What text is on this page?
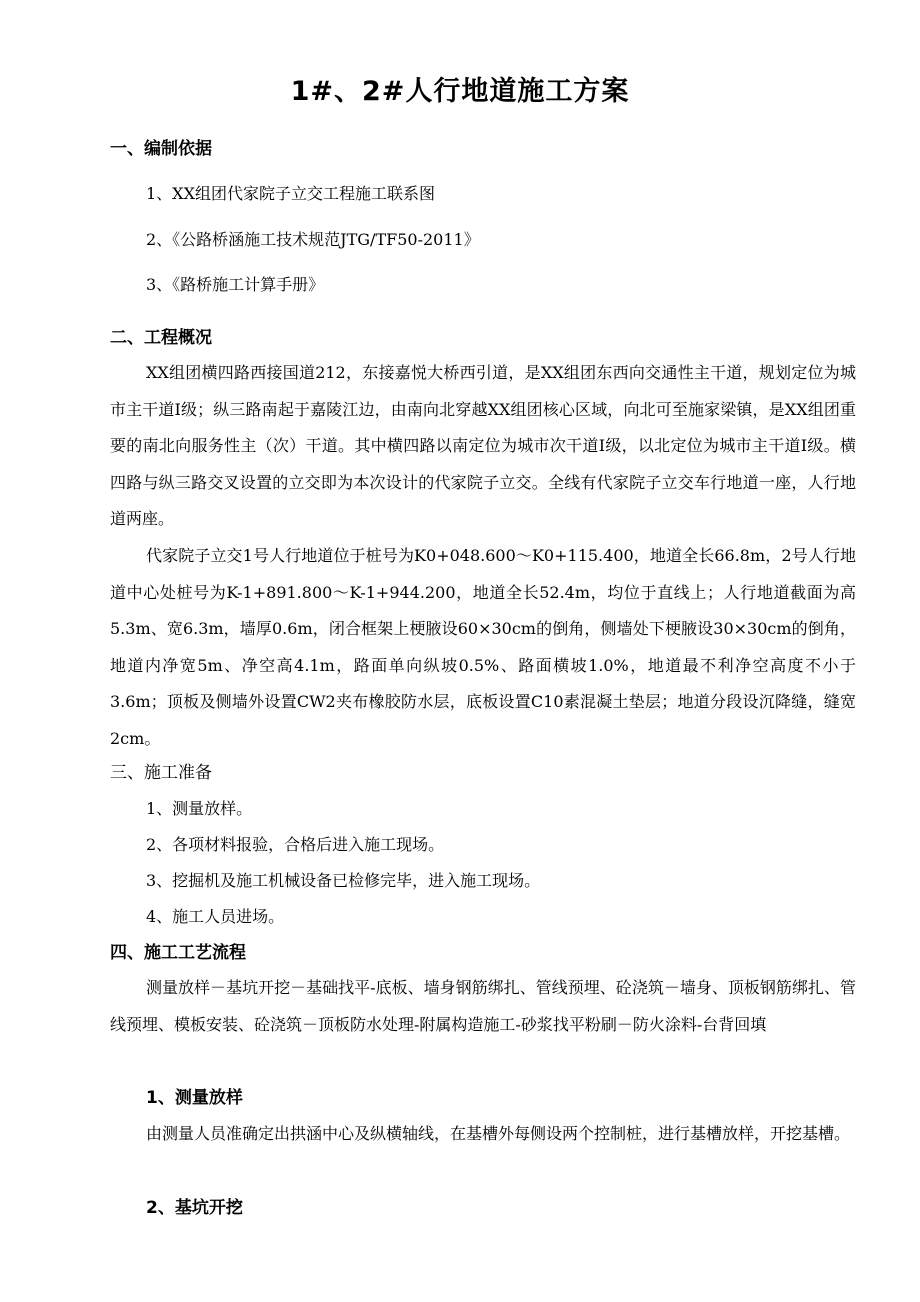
1#、2#人行地道施工方案
一、编制依据
1、XX组团代家院子立交工程施工联系图
2、《公路桥涵施工技术规范JTG/TF50-2011》
3、《路桥施工计算手册》
二、工程概况

XX组团横四路西接国道212，东接嘉悦大桥西引道，是XX组团东西向交通性主干道，规划定位为城市主干道Ⅰ级；纵三路南起于嘉陵江边，由南向北穿越XX组团核心区域，向北可至施家梁镇，是XX组团重要的南北向服务性主（次）干道。其中横四路以南定位为城市次干道Ⅰ级，以北定位为城市主干道Ⅰ级。横四路与纵三路交叉设置的立交即为本次设计的代家院子立交。全线有代家院子立交车行地道一座，人行地道两座。

代家院子立交1号人行地道位于桩号为K0+048.600～K0+115.400，地道全长66.8m，2号人行地道中心处桩号为K-1+891.800～K-1+944.200，地道全长52.4m，均位于直线上；人行地道截面为高5.3m、宽6.3m，墙厚0.6m，闭合框架上梗腋设60×30cm的倒角，侧墙处下梗腋设30×30cm的倒角，地道内净宽5m、净空高4.1m，路面单向纵坡0.5%、路面横坡1.0%，地道最不利净空高度不小于3.6m；顶板及侧墙外设置CW2夹布橡胶防水层，底板设置C10素混凝土垫层；地道分段设沉降缝，缝宽2cm。

三、施工准备
1、测量放样。
2、各项材料报验，合格后进入施工现场。
3、挖掘机及施工机械设备已检修完毕，进入施工现场。
4、施工人员进场。
四、施工工艺流程

测量放样－基坑开挖－基础找平-底板、墙身钢筋绑扎、管线预埋、砼浇筑－墙身、顶板钢筋绑扎、管线预埋、模板安装、砼浇筑－顶板防水处理-附属构造施工-砂浆找平粉刷－防火涂料-台背回填

1、测量放样

由测量人员准确定出拱涵中心及纵横轴线，在基槽外每侧设两个控制桩，进行基槽放样，开挖基槽。

2、基坑开挖
